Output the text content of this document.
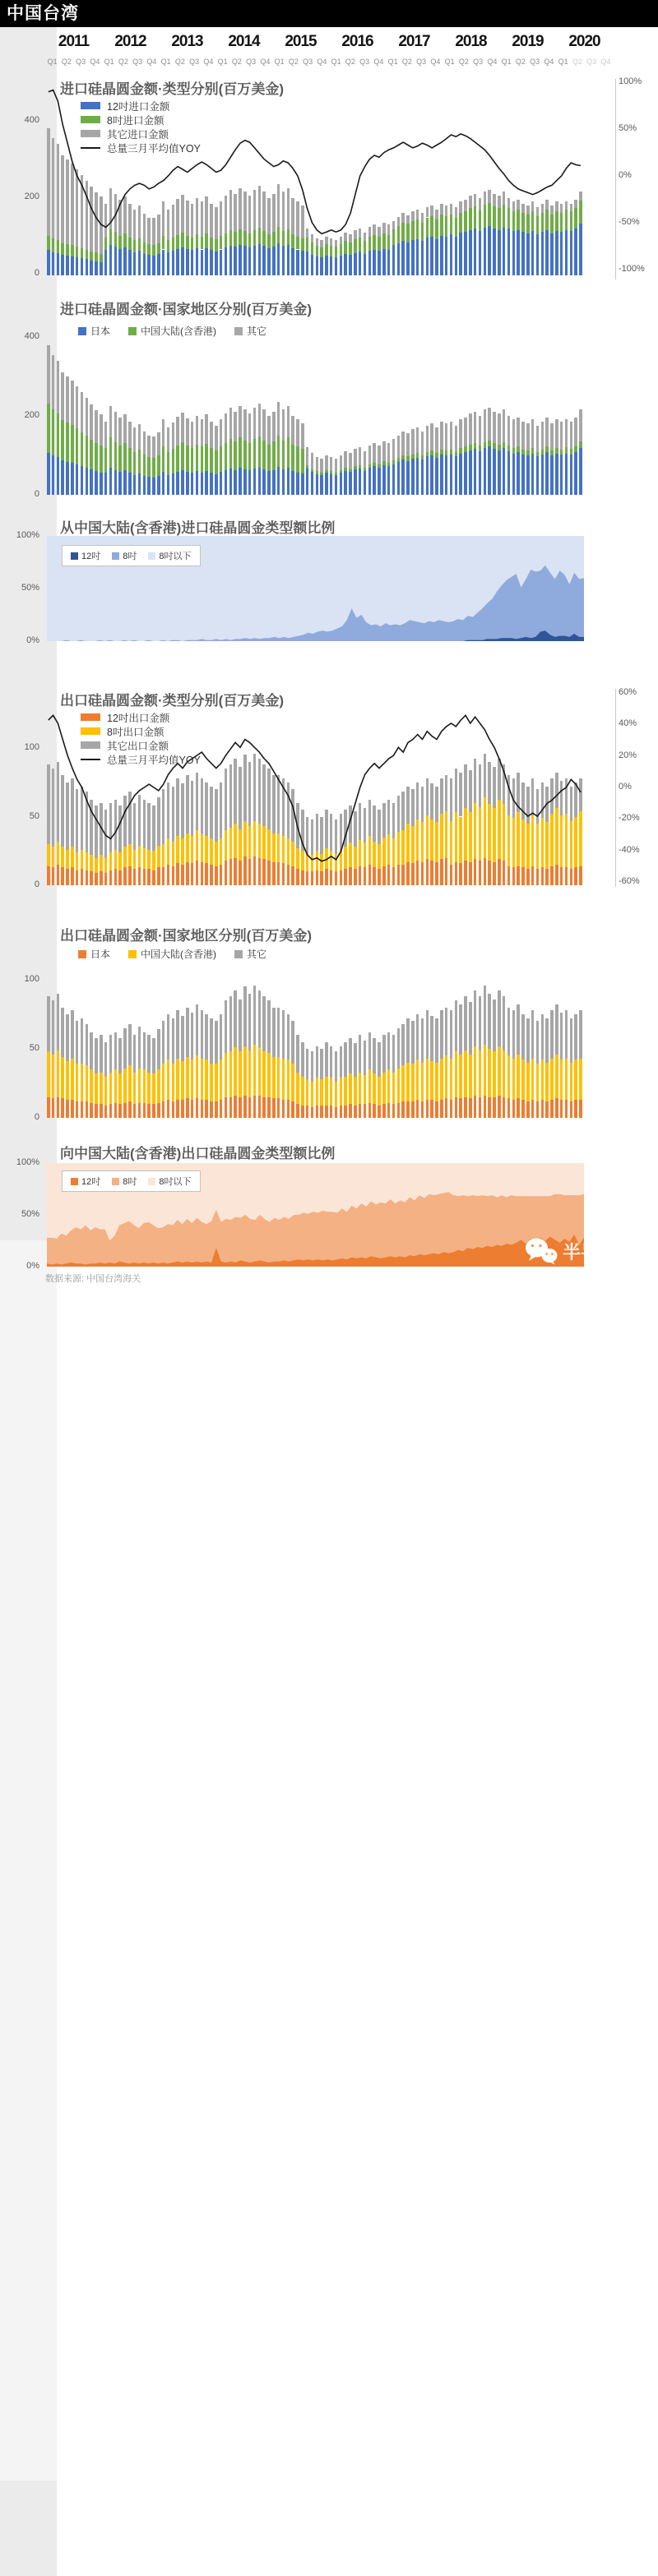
中国台湾
2011
Q1 Q2 Q3 Q4
2012
Q1 Q2 Q3 Q4
2013
Q1 Q2 Q3 Q4
2014
Q1 Q2 Q3 Q4
2015
Q1 Q2 Q3 Q4
2016
Q1 Q2 Q3 Q4
2017
Q1 Q2 Q3 Q4
2018
Q1 Q2 Q3 Q4
2019
Q1 Q2 Q3 Q4
2020
Q1 Q2 Q3 Q4
进口硅晶圆金额·类型分别(百万美金)
进口硅晶圆金额·国家地区分别(百万美金)
从中国大陆(含香港)进口硅晶圆金类型额比例
出口硅晶圆金额·类型分别(百万美金)
出口硅晶圆金额·国家地区分别(百万美金)
向中国大陆(含香港)出口硅晶圆金类型额比例
400
200
0
100%
50%
0%
-50%
-100%
400
200
0
100%
50%
0%
100
50
0
60%
40%
20%
0%
-20%
-40%
-60%
100
50
0
100%
50%
0%
12吋进口金额
8吋进口金额
其它进口金额
总量三月平均值YOY
日本	中国大陆(含香港)	其它
12吋 8吋 8吋以下
12吋出口金额
8吋出口金额
其它出口金额
总量三月平均值YOY
日本	中国大陆(含香港)	其它
12吋 8吋 8吋以下
数据来源: 中国台湾海关
半导体综研
